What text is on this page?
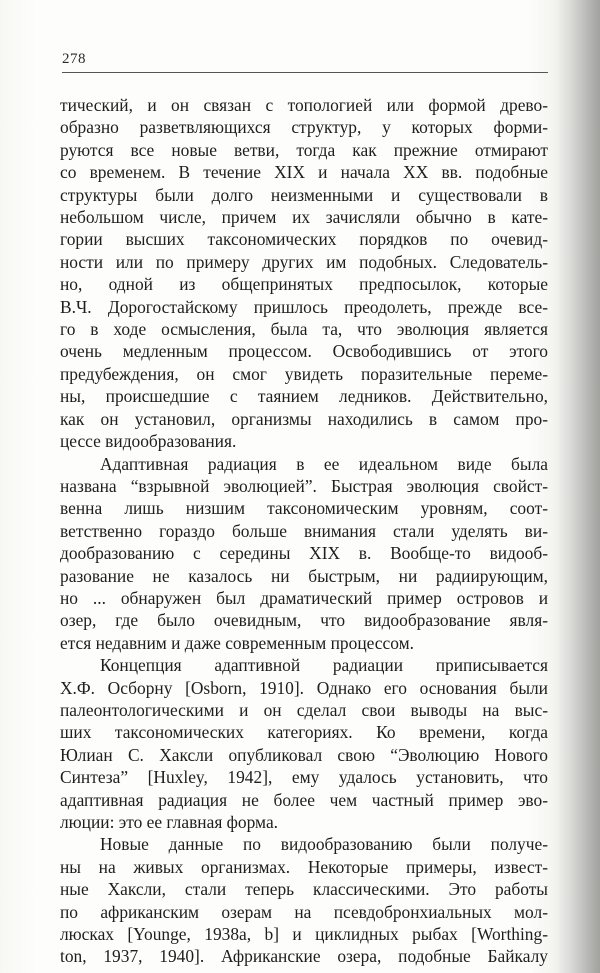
278

тический, и он связан с топологией или формой древо-
образно разветвляющихся структур, у которых форми-
руются все новые ветви, тогда как прежние отмирают
со временем. В течение XIX и начала XX вв. подобные
структуры были долго неизменными и существовали в
небольшом числе, причем их зачисляли обычно в кате-
гории высших таксономических порядков по очевид-
ности или по примеру других им подобных. Следователь-
но, одной из общепринятых предпосылок, которые
В.Ч. Дорогостайскому пришлось преодолеть, прежде все-
го в ходе осмысления, была та, что эволюция является
очень медленным процессом. Освободившись от этого
предубеждения, он смог увидеть поразительные переме-
ны, происшедшие с таянием ледников. Действительно,
как он установил, организмы находились в самом про-
цессе видообразования.

Адаптивная радиация в ее идеальном виде была
названа “взрывной эволюцией”. Быстрая эволюция свойст-
венна лишь низшим таксономическим уровням, соот-
ветственно гораздо больше внимания стали уделять ви-
дообразованию с середины XIX в. Вообще-то видооб-
разование не казалось ни быстрым, ни радиирующим,
но ... обнаружен был драматический пример островов и
озер, где было очевидным, что видообразование явля-
ется недавним и даже современным процессом.

Концепция адаптивной радиации приписывается
Х.Ф. Осборну [Osborn, 1910]. Однако его основания были
палеонтологическими и он сделал свои выводы на выс-
ших таксономических категориях. Ко времени, когда
Юлиан С. Хаксли опубликовал свою “Эволюцию Нового
Синтеза” [Huxley, 1942], ему удалось установить, что
адаптивная радиация не более чем частный пример эво-
люции: это ее главная форма.

Новые данные по видообразованию были получе-
ны на живых организмах. Некоторые примеры, извест-
ные Хаксли, стали теперь классическими. Это работы
по африканским озерам на псевдобронхиальных мол-
люсках [Younge, 1938a, b] и циклидных рыбах [Worthing-
ton, 1937, 1940]. Африканские озера, подобные Байкалу
